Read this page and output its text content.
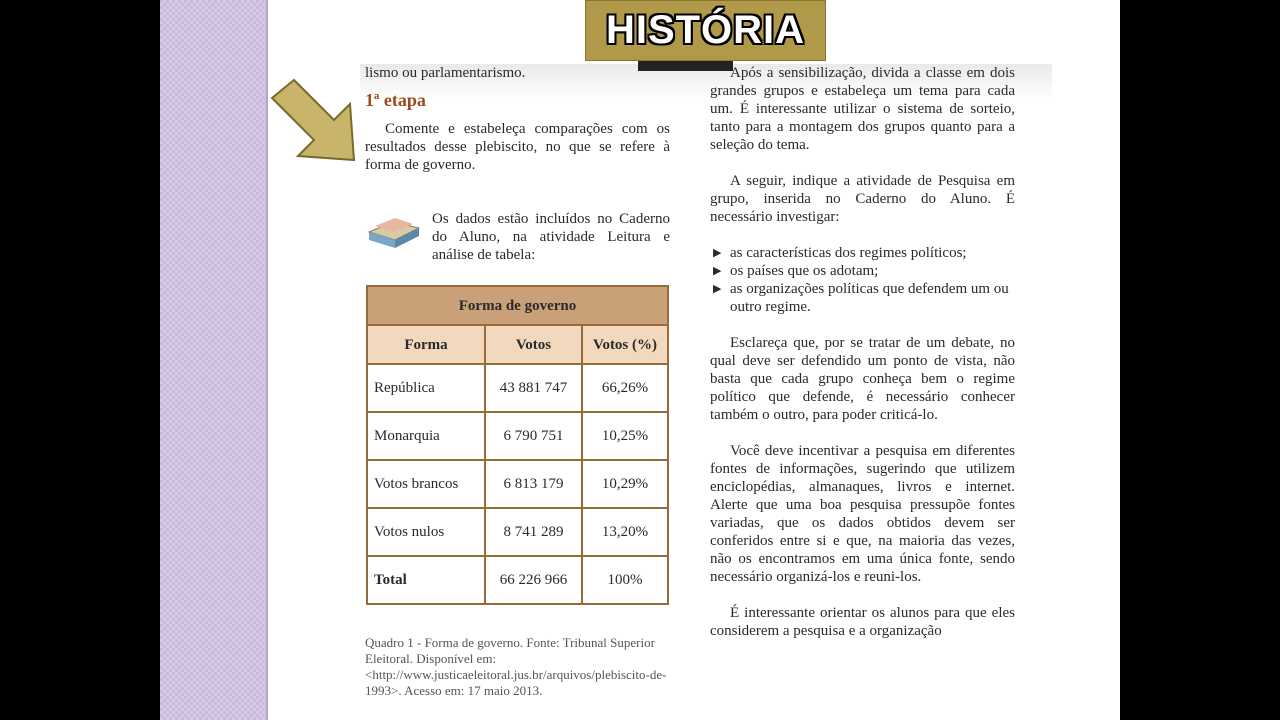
HISTÓRIA

lismo ou parlamentarismo.

1ª etapa

Comente e estabeleça comparações com os resultados desse plebiscito, no que se refere à forma de governo.

Os dados estão incluídos no Caderno do Aluno, na atividade Leitura e análise de tabela:

Forma de governo		
Forma	Votos	Votos (%)
República	43 881 747	66,26%
Monarquia	6 790 751	10,25%
Votos brancos	6 813 179	10,29%
Votos nulos	8 741 289	13,20%
Total	66 226 966	100%

Quadro 1 - Forma de governo. Fonte: Tribunal Superior Eleitoral. Disponível em: <http://www.justicaeleitoral.jus.br/arquivos/plebiscito-de-1993>. Acesso em: 17 maio 2013.

Após a sensibilização, divida a classe em dois grandes grupos e estabeleça um tema para cada um. É interessante utilizar o sistema de sorteio, tanto para a montagem dos grupos quanto para a seleção do tema.

A seguir, indique a atividade de Pesquisa em grupo, inserida no Caderno do Aluno. É necessário investigar:

▶ as características dos regimes políticos;
▶ os países que os adotam;
▶ as organizações políticas que defendem um ou outro regime.

Esclareça que, por se tratar de um debate, no qual deve ser defendido um ponto de vista, não basta que cada grupo conheça bem o regime político que defende, é necessário conhecer também o outro, para poder criticá-lo.

Você deve incentivar a pesquisa em diferentes fontes de informações, sugerindo que utilizem enciclopédias, almanaques, livros e internet. Alerte que uma boa pesquisa pressupõe fontes variadas, que os dados obtidos devem ser conferidos entre si e que, na maioria das vezes, não os encontramos em uma única fonte, sendo necessário organizá-los e reuni-los.

É interessante orientar os alunos para que eles considerem a pesquisa e a organização
